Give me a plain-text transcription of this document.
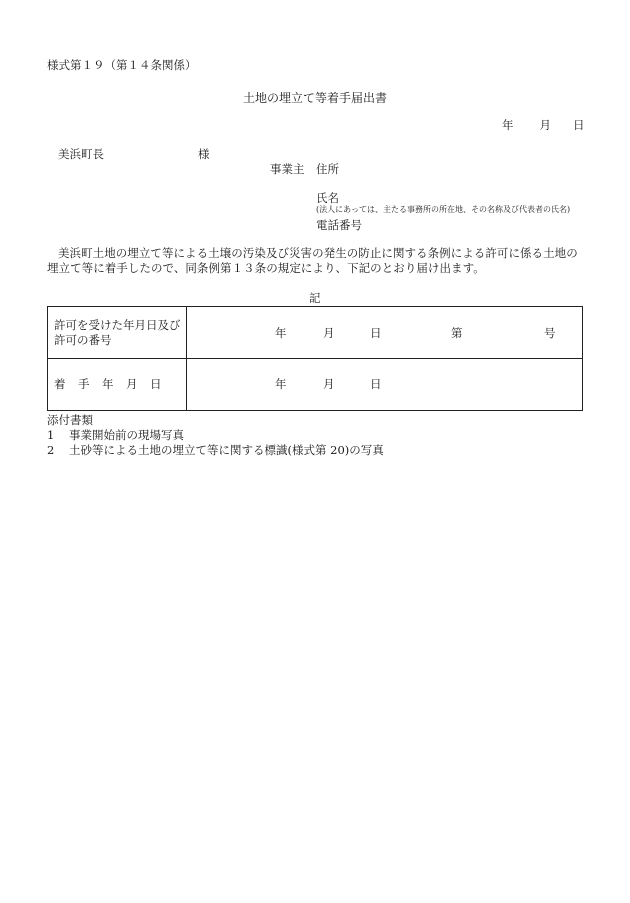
様式第１９（第１４条関係）
土地の埋立て等着手届出書
年 月 日
美浜町長	様
事業主 住所
氏名
(法人にあっては、主たる事務所の所在地、その名称及び代表者の氏名)
電話番号
美浜町土地の埋立て等による土壌の汚染及び災害の発生の防止に関する条例による許可に係る土地の埋立て等に着手したので、同条例第１３条の規定により、下記のとおり届け出ます。
記
許可を受けた年月日及び許可の番号	年	月	日	第	号
着 手 年 月 日	年	月	日
添付書類
1 事業開始前の現場写真
2 土砂等による土地の埋立て等に関する標識(様式第 20)の写真
